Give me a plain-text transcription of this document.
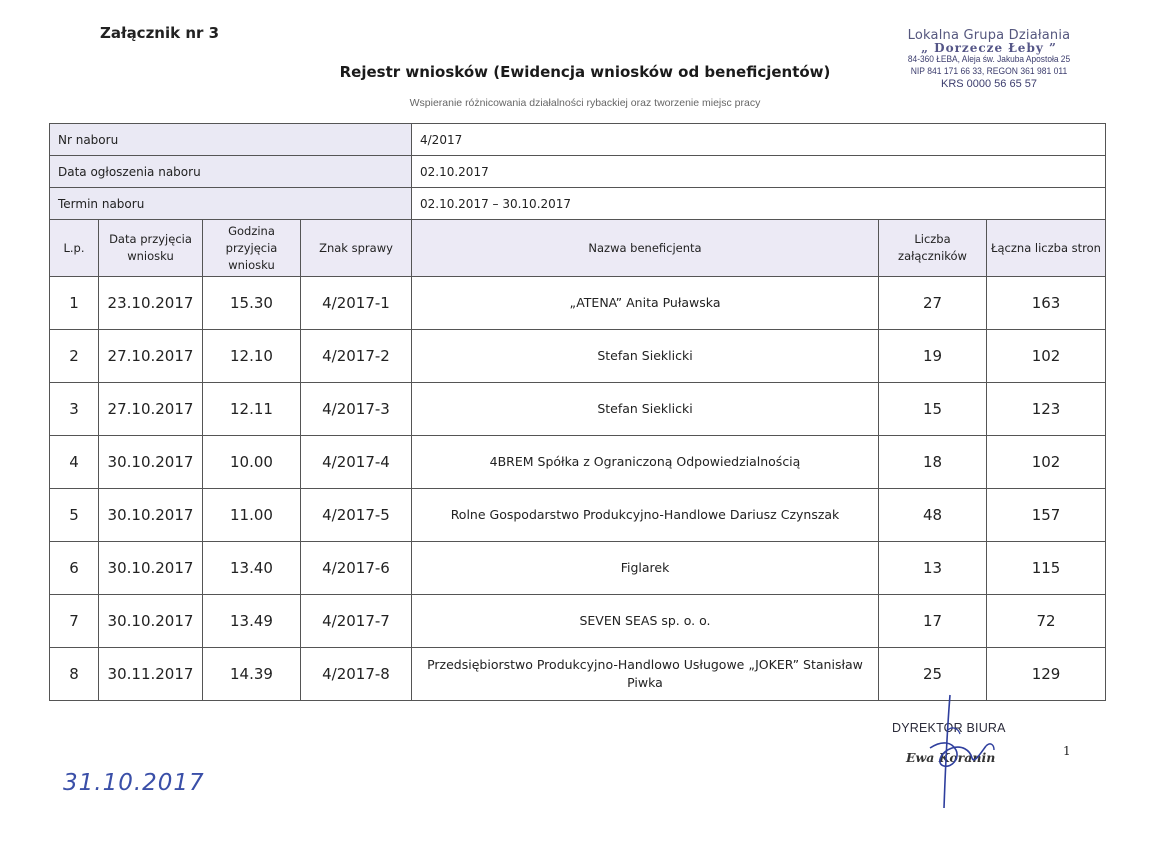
Załącznik nr 3	Lokalna Grupa Działania
„ Dorzecze Łeby ”
84-360 ŁEBA, Aleja św. Jakuba Apostoła 25
NIP 841 171 66 33, REGON 361 981 011
KRS 0000 56 65 57
Rejestr wniosków (Ewidencja wniosków od beneficjentów)
Wspieranie różnicowania działalności rybackiej oraz tworzenie miejsc pracy
Nr naboru				4/2017		
Data ogłoszenia naboru				02.10.2017		
Termin naboru				02.10.2017 – 30.10.2017		
L.p.	Data przyjęcia wniosku	Godzina przyjęcia wniosku	Znak sprawy	Nazwa beneficjenta	Liczba załączników	Łączna liczba stron
1	23.10.2017	15.30	4/2017-1	„ATENA” Anita Puławska	27	163
2	27.10.2017	12.10	4/2017-2	Stefan Sieklicki	19	102
3	27.10.2017	12.11	4/2017-3	Stefan Sieklicki	15	123
4	30.10.2017	10.00	4/2017-4	4BREM Spółka z Ograniczoną Odpowiedzialnością	18	102
5	30.10.2017	11.00	4/2017-5	Rolne Gospodarstwo Produkcyjno-Handlowe Dariusz Czynszak	48	157
6	30.10.2017	13.40	4/2017-6	Figlarek	13	115
7	30.10.2017	13.49	4/2017-7	SEVEN SEAS sp. o. o.	17	72
8	30.11.2017	14.39	4/2017-8	Przedsiębiorstwo Produkcyjno-Handlowo Usługowe „JOKER” Stanisław Piwka	25	129
DYREKTOR BIURA
Ewa Koranin	1
31.10.2017
